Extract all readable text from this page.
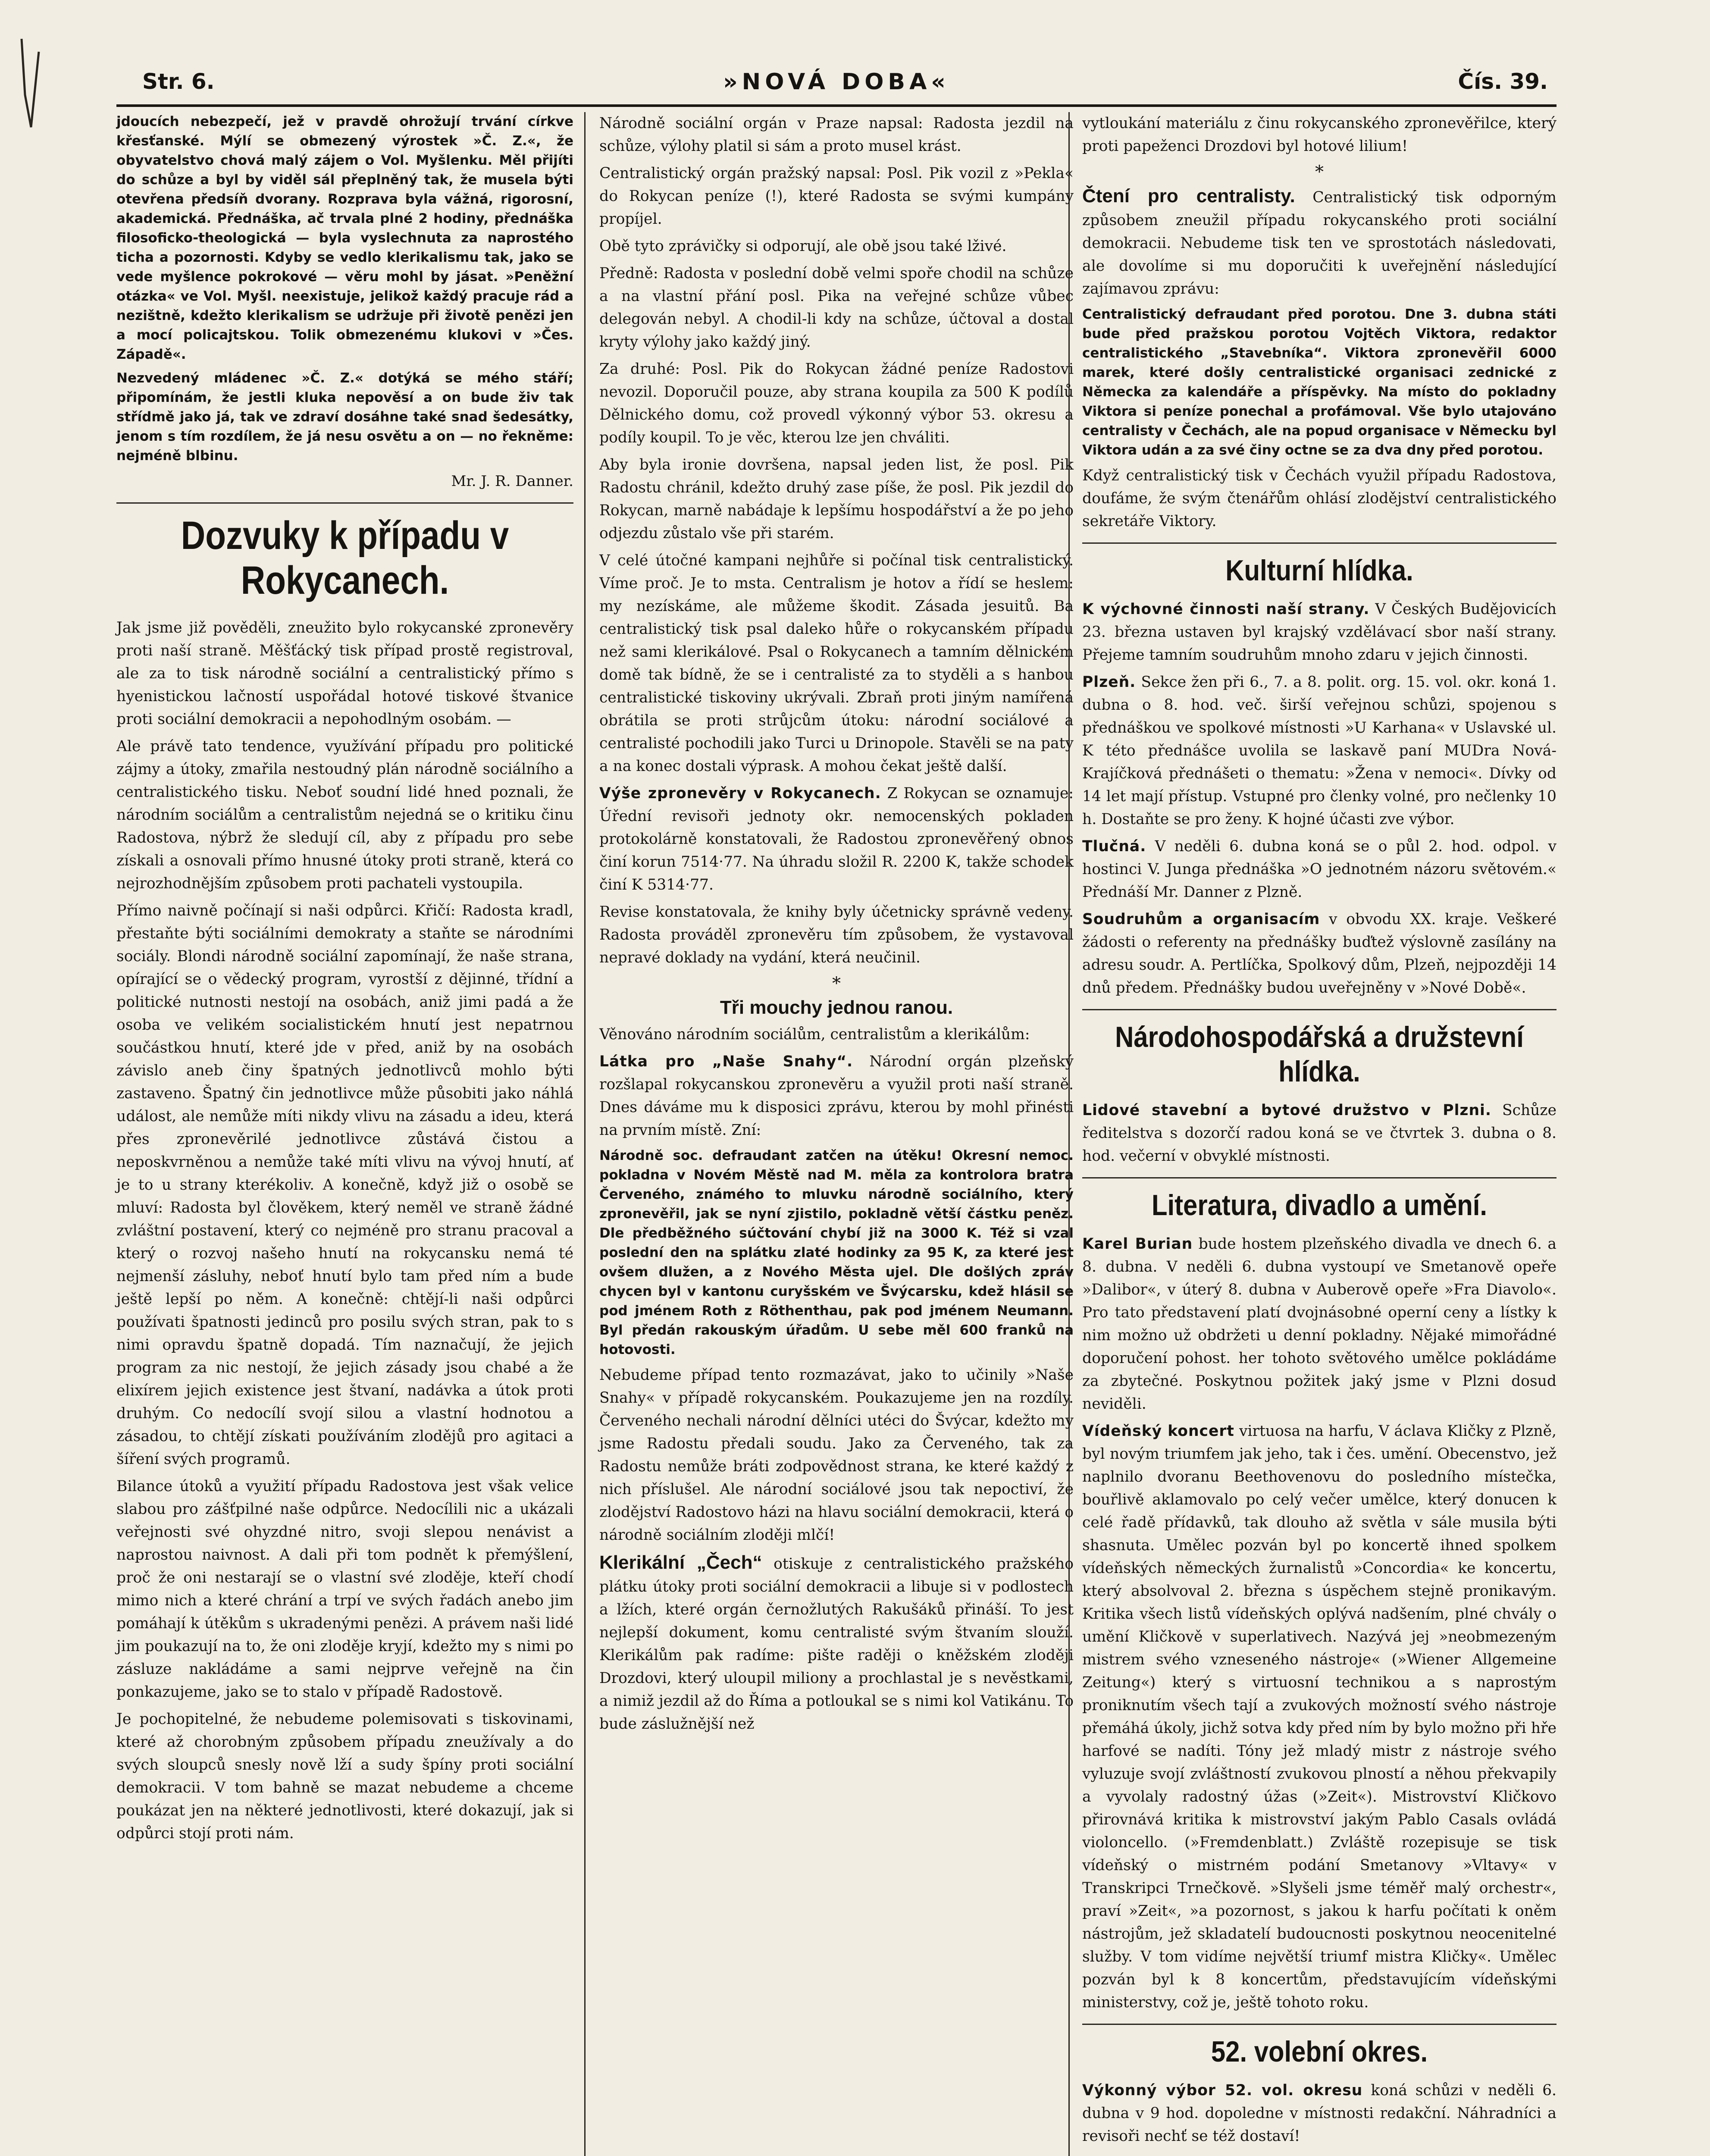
Str. 6.	»NOVÁ DOBA«	Čís. 39.

jdoucích nebezpečí, jež v pravdě ohrožují trvání církve křesťanské. Mýlí se obmezený výrostek »Č. Z.«, že obyvatelstvo chová malý zájem o Vol. Myšlenku. Měl přijíti do schůze a byl by viděl sál přeplněný tak, že musela býti otevřena předsíň dvorany. Rozprava byla vážná, rigorosní, akademická. Přednáška, ač trvala plné 2 hodiny, přednáška filosoficko-theologická — byla vyslechnuta za naprostého ticha a pozornosti. Kdyby se vedlo klerikalismu tak, jako se vede myšlence pokrokové — věru mohl by jásat. »Peněžní otázka« ve Vol. Myšl. neexistuje, jelikož každý pracuje rád a nezištně, kdežto klerikalism se udržuje při životě penězi jen a mocí policajtskou. Tolik obmezenému klukovi v »Čes. Západě«.

Nezvedený mládenec »Č. Z.« dotýká se mého stáří; připomínám, že jestli kluka nepověsí a on bude živ tak střídmě jako já, tak ve zdraví dosáhne také snad šedesátky, jenom s tím rozdílem, že já nesu osvětu a on — no řekněme: nejméně blbinu.

Mr. J. R. Danner.

Dozvuky k případu v Rokycanech.

Jak jsme již pověděli, zneužito bylo rokycanské zpronevěry proti naší straně. Měšťácký tisk případ prostě registroval, ale za to tisk národně sociální a centralistický přímo s hyenistickou lačností uspořádal hotové tiskové štvanice proti sociální demokracii a nepohodlným osobám. —

Ale právě tato tendence, využívání případu pro politické zájmy a útoky, zmařila nestoudný plán národně sociálního a centralistického tisku. Neboť soudní lidé hned poznali, že národním sociálům a centralistům nejedná se o kritiku činu Radostova, nýbrž že sledují cíl, aby z případu pro sebe získali a osnovali přímo hnusné útoky proti straně, která co nejrozhodnějším způsobem proti pachateli vystoupila.

Přímo naivně počínají si naši odpůrci. Křičí: Radosta kradl, přestaňte býti sociálními demokraty a staňte se národními sociály. Blondi národně sociální zapomínají, že naše strana, opírající se o vědecký program, vyrostší z dějinné, třídní a politické nutnosti nestojí na osobách, aniž jimi padá a že osoba ve velikém socialistickém hnutí jest nepatrnou součástkou hnutí, které jde v před, aniž by na osobách závislo aneb činy špatných jednotlivců mohlo býti zastaveno. Špatný čin jednotlivce může působiti jako náhlá událost, ale nemůže míti nikdy vlivu na zásadu a ideu, která přes zpronevěrilé jednotlivce zůstává čistou a neposkvrněnou a nemůže také míti vlivu na vývoj hnutí, ať je to u strany kterékoliv. A konečně, když již o osobě se mluví: Radosta byl člověkem, který neměl ve straně žádné zvláštní postavení, který co nejméně pro stranu pracoval a který o rozvoj našeho hnutí na rokycansku nemá té nejmenší zásluhy, neboť hnutí bylo tam před ním a bude ještě lepší po něm. A konečně: chtějí-li naši odpůrci používati špatnosti jedinců pro posilu svých stran, pak to s nimi opravdu špatně dopadá. Tím naznačují, že jejich program za nic nestojí, že jejich zásady jsou chabé a že elixírem jejich existence jest štvaní, nadávka a útok proti druhým. Co nedocílí svojí silou a vlastní hodnotou a zásadou, to chtějí získati používáním zlodějů pro agitaci a šíření svých programů.

Bilance útoků a využití případu Radostova jest však velice slabou pro zášťpilné naše odpůrce. Nedocílili nic a ukázali veřejnosti své ohyzdné nitro, svoji slepou nenávist a naprostou naivnost. A dali při tom podnět k přemýšlení, proč že oni nestarají se o vlastní své zloděje, kteří chodí mimo nich a které chrání a trpí ve svých řadách anebo jim pomáhají k útěkům s ukradenými penězi. A právem naši lidé jim poukazují na to, že oni zloděje kryjí, kdežto my s nimi po zásluze nakládáme a sami nejprve veřejně na čin ponkazujeme, jako se to stalo v případě Radostově.

Je pochopitelné, že nebudeme polemisovati s tiskovinami, které až chorobným způsobem případu zneužívaly a do svých sloupců snesly nově lží a sudy špíny proti sociální demokracii. V tom bahně se mazat nebudeme a chceme poukázat jen na některé jednotlivosti, které dokazují, jak si odpůrci stojí proti nám.

Národně sociální orgán v Praze napsal: Radosta jezdil na schůze, výlohy platil si sám a proto musel krást.

Centralistický orgán pražský napsal: Posl. Pik vozil z »Pekla« do Rokycan peníze (!), které Radosta se svými kumpány propíjel.

Obě tyto zprávičky si odporují, ale obě jsou také lživé.

Předně: Radosta v poslední době velmi spoře chodil na schůze a na vlastní přání posl. Pika na veřejné schůze vůbec delegován nebyl. A chodil-li kdy na schůze, účtoval a dostal kryty výlohy jako každý jiný.

Za druhé: Posl. Pik do Rokycan žádné peníze Radostovi nevozil. Doporučil pouze, aby strana koupila za 500 K podílů Dělnického domu, což provedl výkonný výbor 53. okresu a podíly koupil. To je věc, kterou lze jen chváliti.

Aby byla ironie dovršena, napsal jeden list, že posl. Pik Radostu chránil, kdežto druhý zase píše, že posl. Pik jezdil do Rokycan, marně nabádaje k lepšímu hospodářství a že po jeho odjezdu zůstalo vše při starém.

V celé útočné kampani nejhůře si počínal tisk centralistický. Víme proč. Je to msta. Centralism je hotov a řídí se heslem: my nezískáme, ale můžeme škodit. Zásada jesuitů. Ba centralistický tisk psal daleko hůře o rokycanském případu než sami klerikálové. Psal o Rokycanech a tamním dělnickém domě tak bídně, že se i centralisté za to styděli a s hanbou centralistické tiskoviny ukrývali. Zbraň proti jiným namířená obrátila se proti strůjcům útoku: národní sociálové a centralisté pochodili jako Turci u Drinopole. Stavěli se na paty a na konec dostali výprask. A mohou čekat ještě další.

Výše zpronevěry v Rokycanech. Z Rokycan se oznamuje: Úřední revisoři jednoty okr. nemocenských pokladen protokolárně konstatovali, že Radostou zpronevěřený obnos činí korun 7514·77. Na úhradu složil R. 2200 K, takže schodek činí K 5314·77.

Revise konstatovala, že knihy byly účetnicky správně vedeny. Radosta prováděl zpronevěru tím způsobem, že vystavoval nepravé doklady na vydání, která neučinil.

*

Tři mouchy jednou ranou.

Věnováno národním sociálům, centralistům a klerikálům:

Látka pro „Naše Snahy“. Národní orgán plzeňský rozšlapal rokycanskou zpronevěru a využil proti naší straně. Dnes dáváme mu k disposici zprávu, kterou by mohl přinésti na prvním místě. Zní:

Národně soc. defraudant zatčen na útěku! Okresní nemoc. pokladna v Novém Městě nad M. měla za kontrolora bratra Červeného, známého to mluvku národně sociálního, který zpronevěřil, jak se nyní zjistilo, pokladně větší částku peněz. Dle předběžného súčtování chybí již na 3000 K. Též si vzal poslední den na splátku zlaté hodinky za 95 K, za které jest ovšem dlužen, a z Nového Města ujel. Dle došlých zpráv chycen byl v kantonu curyšském ve Švýcarsku, kdež hlásil se pod jménem Roth z Röthenthau, pak pod jménem Neumann. Byl předán rakouským úřadům. U sebe měl 600 franků na hotovosti.

Nebudeme případ tento rozmazávat, jako to učinily »Naše Snahy« v případě rokycanském. Poukazujeme jen na rozdíly. Červeného nechali národní dělníci utéci do Švýcar, kdežto my jsme Radostu předali soudu. Jako za Červeného, tak za Radostu nemůže bráti zodpovědnost strana, ke které každý z nich příslušel. Ale národní sociálové jsou tak nepoctiví, že zlodějství Radostovo házi na hlavu sociální demokracii, která o národně sociálním zloději mlčí!

Klerikální „Čech“ otiskuje z centralistického pražského plátku útoky proti sociální demokracii a libuje si v podlostech a lžích, které orgán černožlutých Rakušáků přináší. To jest nejlepší dokument, komu centralisté svým štvaním slouží. Klerikálům pak radíme: pište raději o kněžském zloději Drozdovi, který uloupil miliony a prochlastal je s nevěstkami, a nimiž jezdil až do Říma a potloukal se s nimi kol Vatikánu. To bude záslužnější než

vytloukání materiálu z činu rokycanského zpronevěřilce, který proti papeženci Drozdovi byl hotové lilium!

*

Čtení pro centralisty. Centralistický tisk odporným způsobem zneužil případu rokycanského proti sociální demokracii. Nebudeme tisk ten ve sprostotách následovati, ale dovolíme si mu doporučiti k uveřejnění následující zajímavou zprávu:

Centralistický defraudant před porotou. Dne 3. dubna státi bude před pražskou porotou Vojtěch Viktora, redaktor centralistického „Stavebníka“. Viktora zpronevěřil 6000 marek, které došly centralistické organisaci zednické z Německa za kalendáře a příspěvky. Na místo do pokladny Viktora si peníze ponechal a profámoval. Vše bylo utajováno centralisty v Čechách, ale na popud organisace v Německu byl Viktora udán a za své činy octne se za dva dny před porotou.

Když centralistický tisk v Čechách využil případu Radostova, doufáme, že svým čtenářům ohlásí zlodějství centralistického sekretáře Viktory.

Kulturní hlídka.

K výchovné činnosti naší strany. V Českých Budějovicích 23. března ustaven byl krajský vzdělávací sbor naší strany. Přejeme tamním soudruhům mnoho zdaru v jejich činnosti.

Plzeň. Sekce žen při 6., 7. a 8. polit. org. 15. vol. okr. koná 1. dubna o 8. hod. več. širší veřejnou schůzi, spojenou s přednáškou ve spolkové místnosti »U Karhana« v Uslavské ul. K této přednášce uvolila se laskavě paní MUDra Nová-Krajíčková přednášeti o thematu: »Žena v nemoci«. Dívky od 14 let mají přístup. Vstupné pro členky volné, pro nečlenky 10 h. Dostaňte se pro ženy. K hojné účasti zve výbor.

Tlučná. V neděli 6. dubna koná se o půl 2. hod. odpol. v hostinci V. Junga přednáška »O jednotném názoru světovém.« Přednáší Mr. Danner z Plzně.

Soudruhům a organisacím v obvodu XX. kraje. Veškeré žádosti o referenty na přednášky buďtež výslovně zasílány na adresu soudr. A. Pertlíčka, Spolkový dům, Plzeň, nejpozději 14 dnů předem. Přednášky budou uveřejněny v »Nové Době«.

Národohospodářská a družstevní hlídka.

Lidové stavební a bytové družstvo v Plzni. Schůze ředitelstva s dozorčí radou koná se ve čtvrtek 3. dubna o 8. hod. večerní v obvyklé místnosti.

Literatura, divadlo a umění.

Karel Burian bude hostem plzeňského divadla ve dnech 6. a 8. dubna. V neděli 6. dubna vystoupí ve Smetanově opeře »Dalibor«, v úterý 8. dubna v Auberově opeře »Fra Diavolo«. Pro tato představení platí dvojnásobné operní ceny a lístky k nim možno už obdržeti u denní pokladny. Nějaké mimořádné doporučení pohost. her tohoto světového umělce pokládáme za zbytečné. Poskytnou požitek jaký jsme v Plzni dosud neviděli.

Vídeňský koncert virtuosa na harfu, V áclava Kličky z Plzně, byl novým triumfem jak jeho, tak i čes. umění. Obecenstvo, jež naplnilo dvoranu Beethovenovu do posledního místečka, bouřlivě aklamovalo po celý večer umělce, který donucen k celé řadě přídavků, tak dlouho až světla v sále musila býti shasnuta. Umělec pozván byl po koncertě ihned spolkem vídeňských německých žurnalistů »Concordia« ke koncertu, který absolvoval 2. března s úspěchem stejně pronikavým. Kritika všech listů vídeňských oplývá nadšením, plné chvály o umění Kličkově v superlativech. Nazývá jej »neobmezeným mistrem svého vzneseného nástroje« (»Wiener Allgemeine Zeitung«) který s virtuosní technikou a s naprostým proniknutím všech tají a zvukových možností svého nástroje přemáhá úkoly, jichž sotva kdy před ním by bylo možno při hře harfové se nadíti. Tóny jež mladý mistr z nástroje svého vyluzuje svojí zvláštností zvukovou plností a něhou překvapily a vyvolaly radostný úžas (»Zeit«). Mistrovství Kličkovo přirovnává kritika k mistrovství jakým Pablo Casals ovládá violoncello. (»Fremdenblatt.) Zvláště rozepisuje se tisk vídeňský o mistrném podání Smetanovy »Vltavy« v Transkripci Trnečkově. »Slyšeli jsme téměř malý orchestr«, praví »Zeit«, »a pozornost, s jakou k harfu počítati k oněm nástrojům, jež skladatelí budoucnosti poskytnou neocenitelné služby. V tom vidíme největší triumf mistra Kličky«. Umělec pozván byl k 8 koncertům, představujícím vídeňskými ministerstvy, což je, ještě tohoto roku.

52. volební okres.

Výkonný výbor 52. vol. okresu koná schůzi v neděli 6. dubna v 9 hod. dopoledne v místnosti redakční. Náhradníci a revisoři nechť se též dostaví!
